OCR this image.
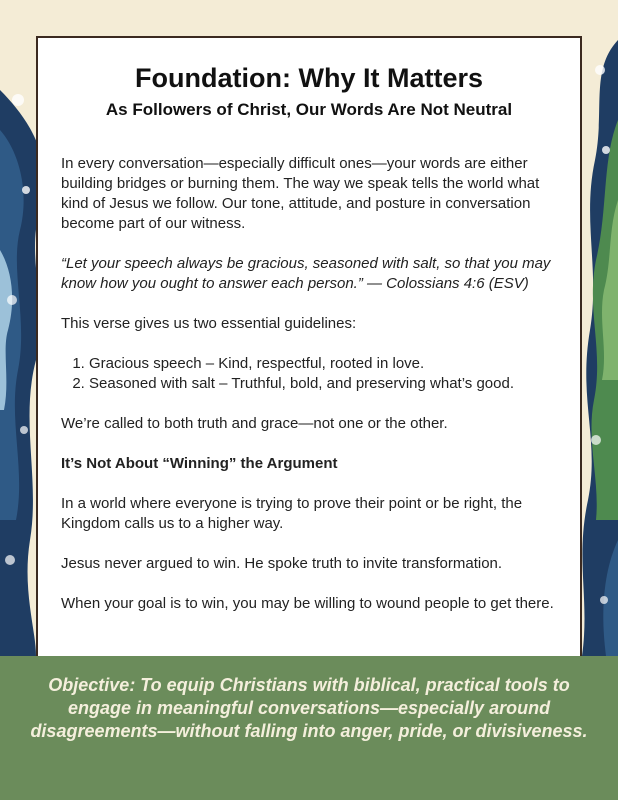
Foundation: Why It Matters
As Followers of Christ, Our Words Are Not Neutral

In every conversation—especially difficult ones—your words are either building bridges or burning them. The way we speak tells the world what kind of Jesus we follow. Our tone, attitude, and posture in conversation become part of our witness.

“Let your speech always be gracious, seasoned with salt, so that you may know how you ought to answer each person.” — Colossians 4:6 (ESV)

This verse gives us two essential guidelines:

1. Gracious speech – Kind, respectful, rooted in love.
2. Seasoned with salt – Truthful, bold, and preserving what’s good.

We’re called to both truth and grace—not one or the other.

It’s Not About “Winning” the Argument

In a world where everyone is trying to prove their point or be right, the Kingdom calls us to a higher way.

Jesus never argued to win. He spoke truth to invite transformation.

When your goal is to win, you may be willing to wound people to get there.

Objective: To equip Christians with biblical, practical tools to engage in meaningful conversations—especially around disagreements—without falling into anger, pride, or divisiveness.
